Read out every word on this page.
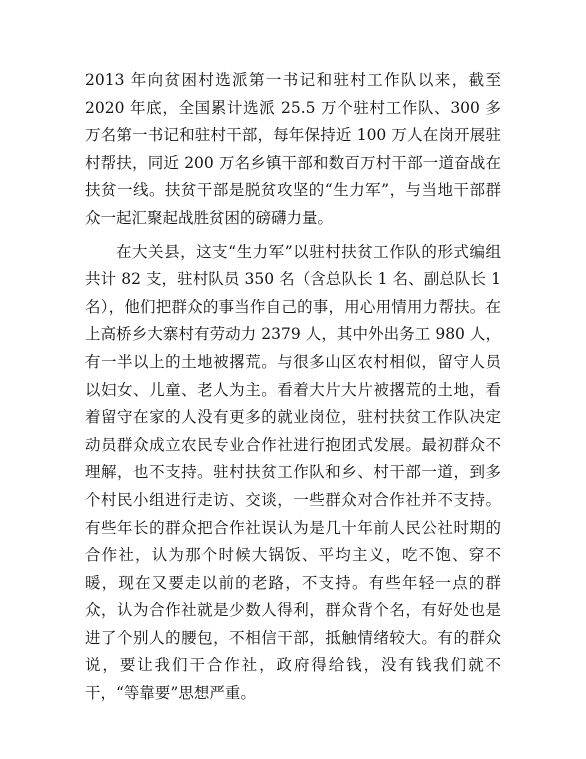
2013 年向贫困村选派第一书记和驻村工作队以来，截至 2020 年底，全国累计选派 25.5 万个驻村工作队、300 多万名第一书记和驻村干部，每年保持近 100 万人在岗开展驻村帮扶，同近 200 万名乡镇干部和数百万村干部一道奋战在扶贫一线。扶贫干部是脱贫攻坚的“生力军”，与当地干部群众一起汇聚起战胜贫困的磅礴力量。

在大关县，这支“生力军”以驻村扶贫工作队的形式编组共计 82 支，驻村队员 350 名（含总队长 1 名、副总队长 1 名），他们把群众的事当作自己的事，用心用情用力帮扶。在上高桥乡大寨村有劳动力 2379 人，其中外出务工 980 人，有一半以上的土地被撂荒。与很多山区农村相似，留守人员以妇女、儿童、老人为主。看着大片大片被撂荒的土地，看着留守在家的人没有更多的就业岗位，驻村扶贫工作队决定动员群众成立农民专业合作社进行抱团式发展。最初群众不理解，也不支持。驻村扶贫工作队和乡、村干部一道，到多个村民小组进行走访、交谈，一些群众对合作社并不支持。有些年长的群众把合作社误认为是几十年前人民公社时期的合作社，认为那个时候大锅饭、平均主义，吃不饱、穿不暖，现在又要走以前的老路，不支持。有些年轻一点的群众，认为合作社就是少数人得利，群众背个名，有好处也是进了个别人的腰包，不相信干部，抵触情绪较大。有的群众说，要让我们干合作社，政府得给钱，没有钱我们就不干，“等靠要”思想严重。
